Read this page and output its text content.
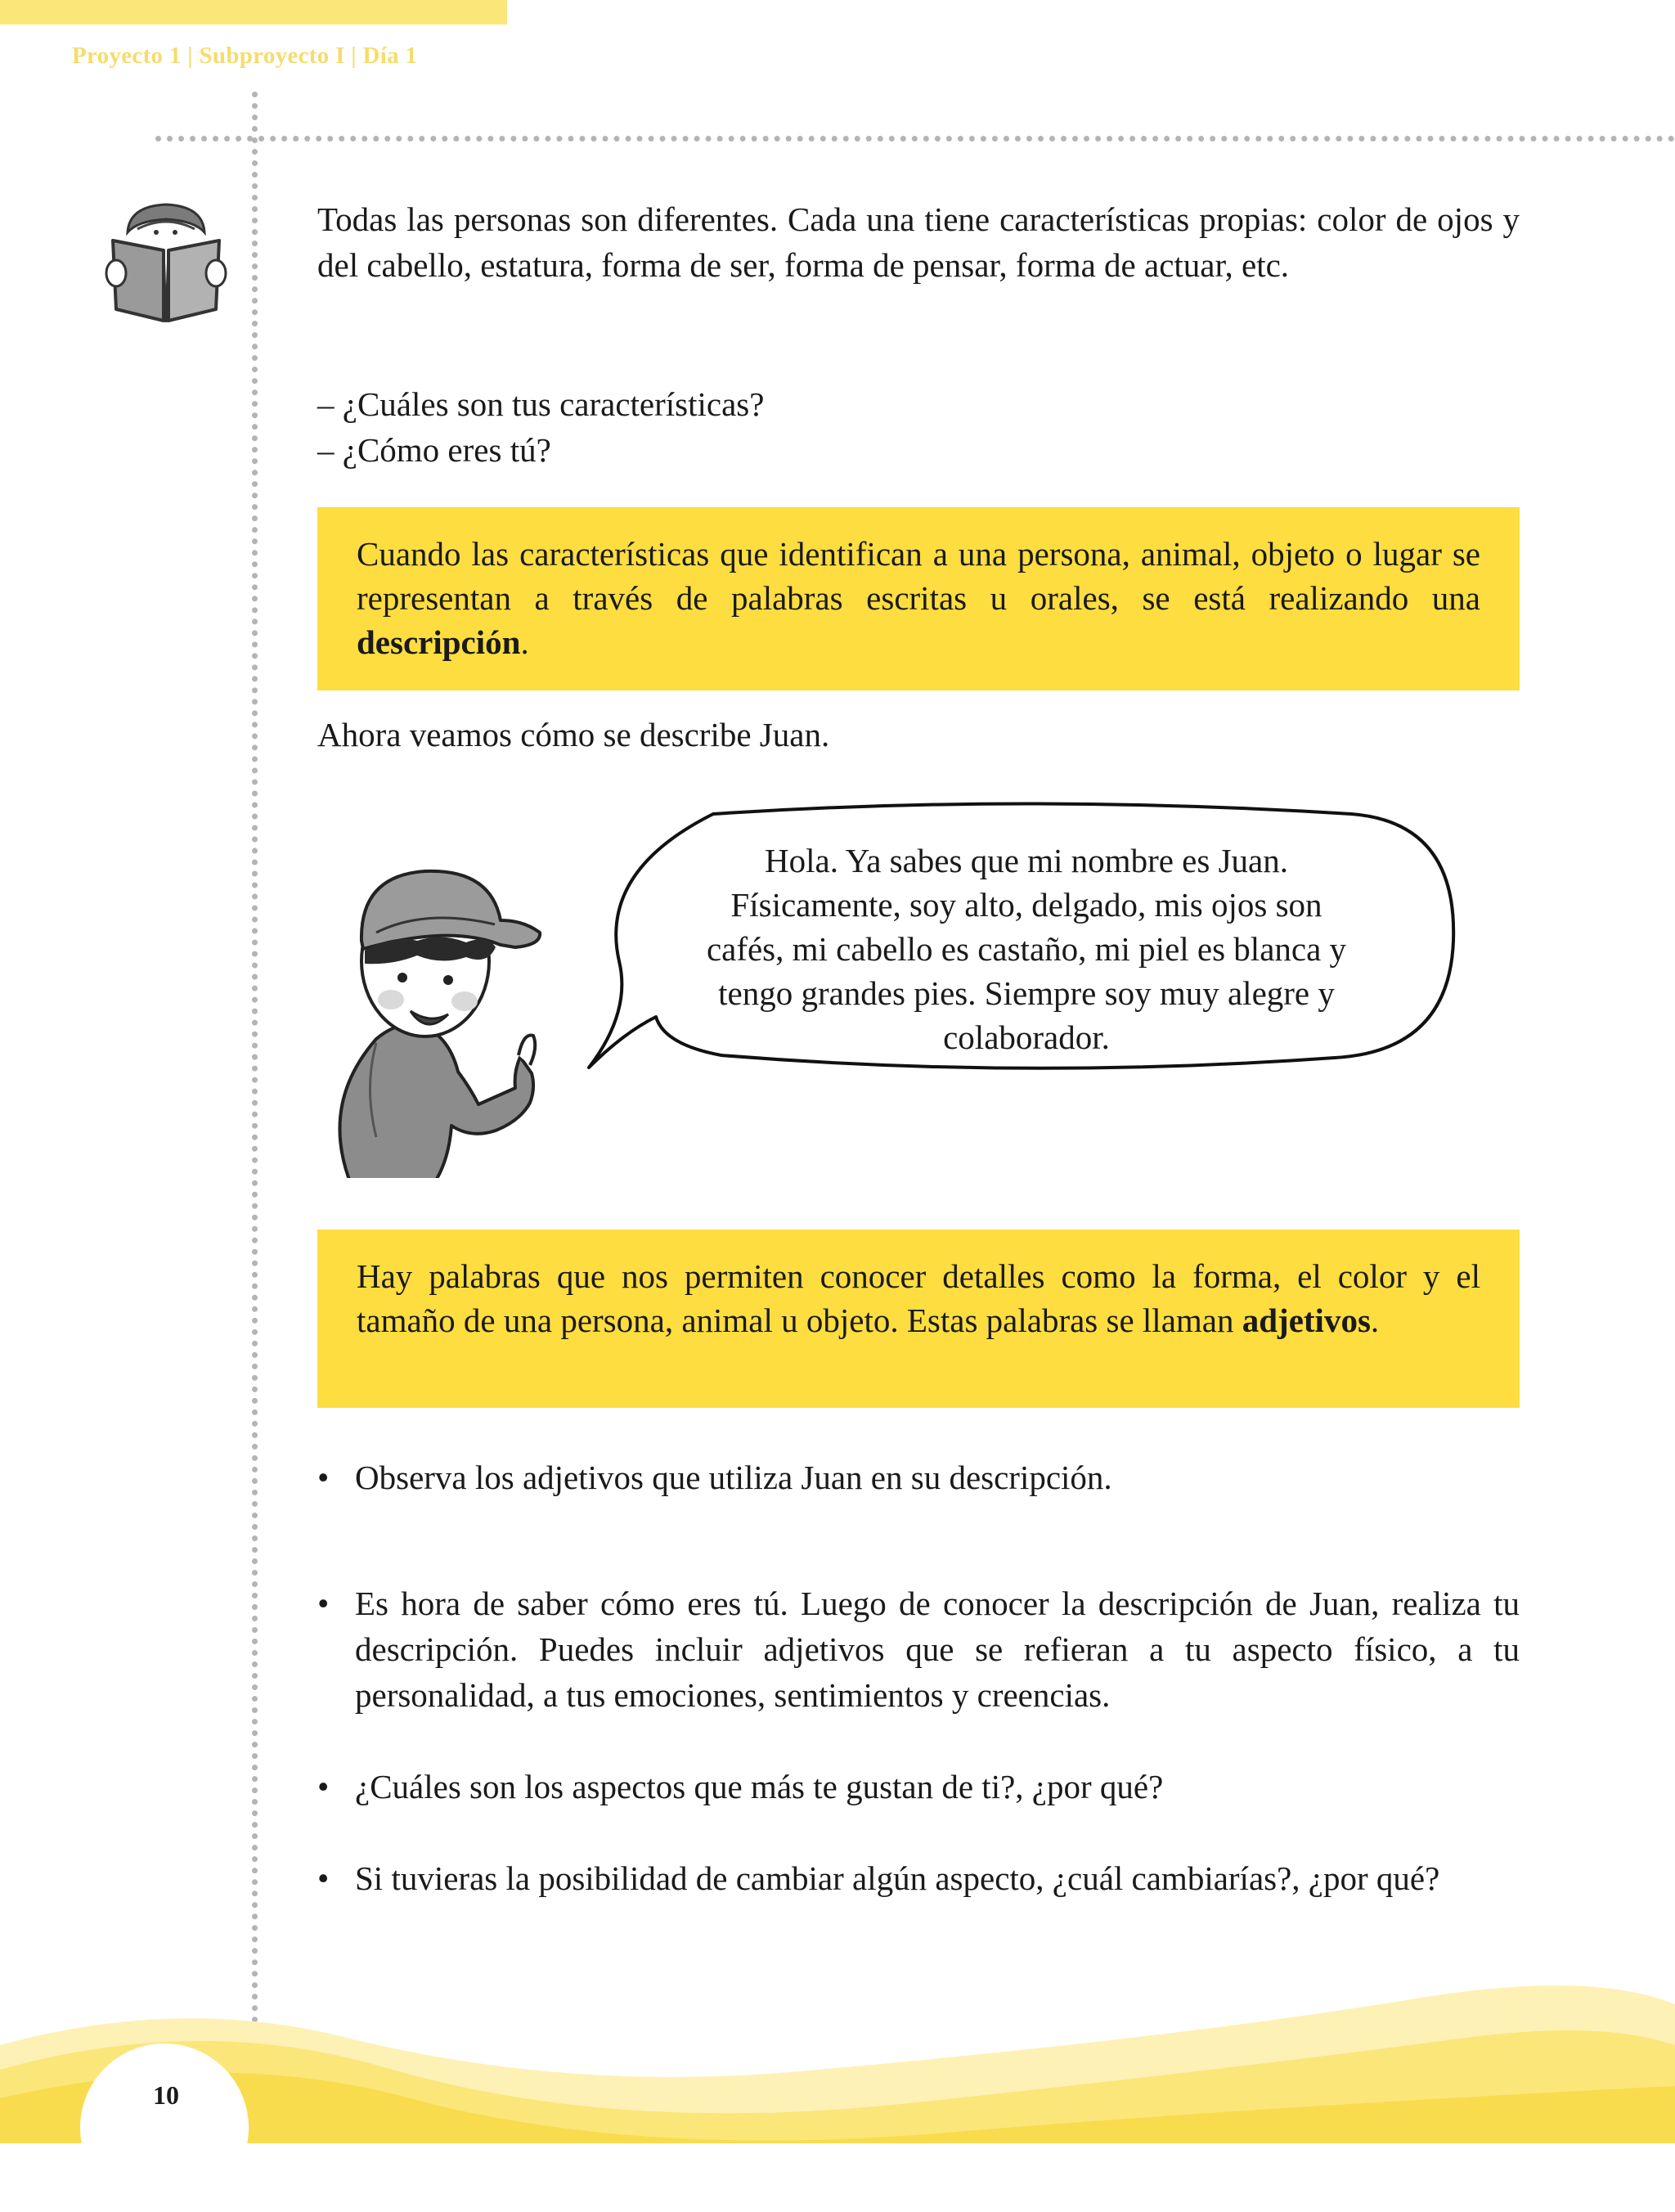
Proyecto 1 | Subproyecto I | Día 1
Todas las personas son diferentes. Cada una tiene características propias: color de ojos y del cabello, estatura, forma de ser, forma de pensar, forma de actuar, etc.
– ¿Cuáles son tus características?
– ¿Cómo eres tú?
Cuando las características que identifican a una persona, animal, objeto o lugar se representan a través de palabras escritas u orales, se está realizando una descripción.
Ahora veamos cómo se describe Juan.
Hola. Ya sabes que mi nombre es Juan.
Físicamente, soy alto, delgado, mis ojos son
cafés, mi cabello es castaño, mi piel es blanca y
tengo grandes pies. Siempre soy muy alegre y
colaborador.
Hay palabras que nos permiten conocer detalles como la forma, el color y el tamaño de una persona, animal u objeto. Estas palabras se llaman adjetivos.
• Observa los adjetivos que utiliza Juan en su descripción.
• Es hora de saber cómo eres tú. Luego de conocer la descripción de Juan, realiza tu descripción. Puedes incluir adjetivos que se refieran a tu aspecto físico, a tu personalidad, a tus emociones, sentimientos y creencias.
• ¿Cuáles son los aspectos que más te gustan de ti?, ¿por qué?
• Si tuvieras la posibilidad de cambiar algún aspecto, ¿cuál cambiarías?, ¿por qué?
10
